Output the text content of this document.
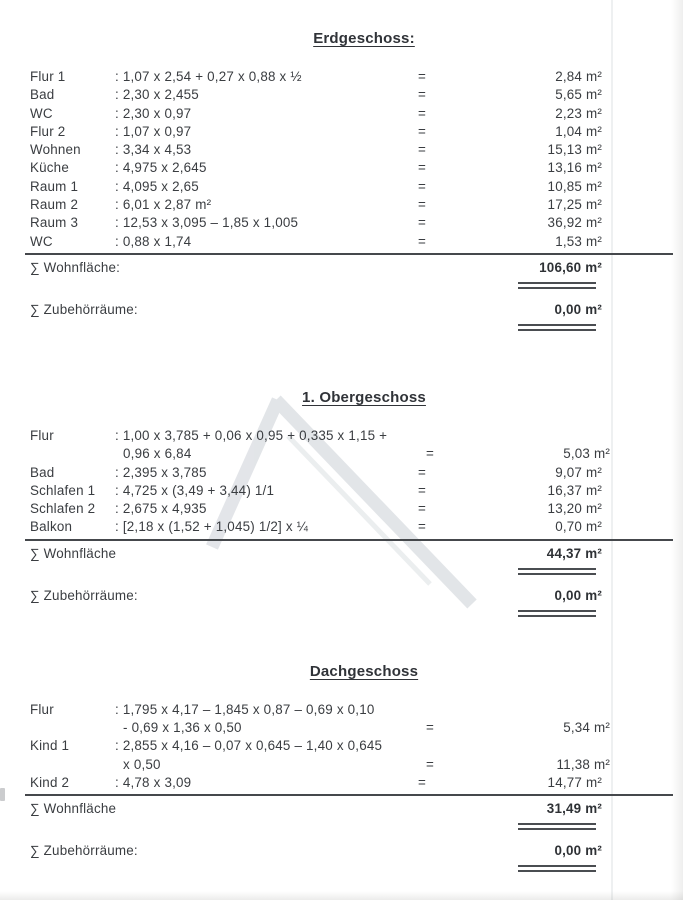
Erdgeschoss:
Flur 1	: 1,07 x 2,54 + 0,27 x 0,88 x ½	=	2,84 m²
Bad	: 2,30 x 2,455	=	5,65 m²
WC	: 2,30 x 0,97	=	2,23 m²
Flur 2	: 1,07 x 0,97	=	1,04 m²
Wohnen	: 3,34 x 4,53	=	15,13 m²
Küche	: 4,975 x 2,645	=	13,16 m²
Raum 1	: 4,095 x 2,65	=	10,85 m²
Raum 2	: 6,01 x 2,87 m²	=	17,25 m²
Raum 3	: 12,53 x 3,095 – 1,85 x 1,005	=	36,92 m²
WC	: 0,88 x 1,74	=	1,53 m²
∑ Wohnfläche:	106,60 m²
∑ Zubehörräume:	0,00 m²
1. Obergeschoss
Flur	: 1,00 x 3,785 + 0,06 x 0,95 + 0,335 x 1,15 +
0,96 x 6,84	=	5,03 m²
Bad	: 2,395 x 3,785	=	9,07 m²
Schlafen 1	: 4,725 x (3,49 + 3,44) 1/1	=	16,37 m²
Schlafen 2	: 2,675 x 4,935	=	13,20 m²
Balkon	: [2,18 x (1,52 + 1,045) 1/2] x ¼	=	0,70 m²
∑ Wohnfläche	44,37 m²
∑ Zubehörräume:	0,00 m²
Dachgeschoss
Flur	: 1,795 x 4,17 – 1,845 x 0,87 – 0,69 x 0,10
- 0,69 x 1,36 x 0,50	=	5,34 m²
Kind 1	: 2,855 x 4,16 – 0,07 x 0,645 – 1,40 x 0,645
x 0,50	=	11,38 m²
Kind 2	: 4,78 x 3,09	=	14,77 m²
∑ Wohnfläche	31,49 m²
∑ Zubehörräume:	0,00 m²
